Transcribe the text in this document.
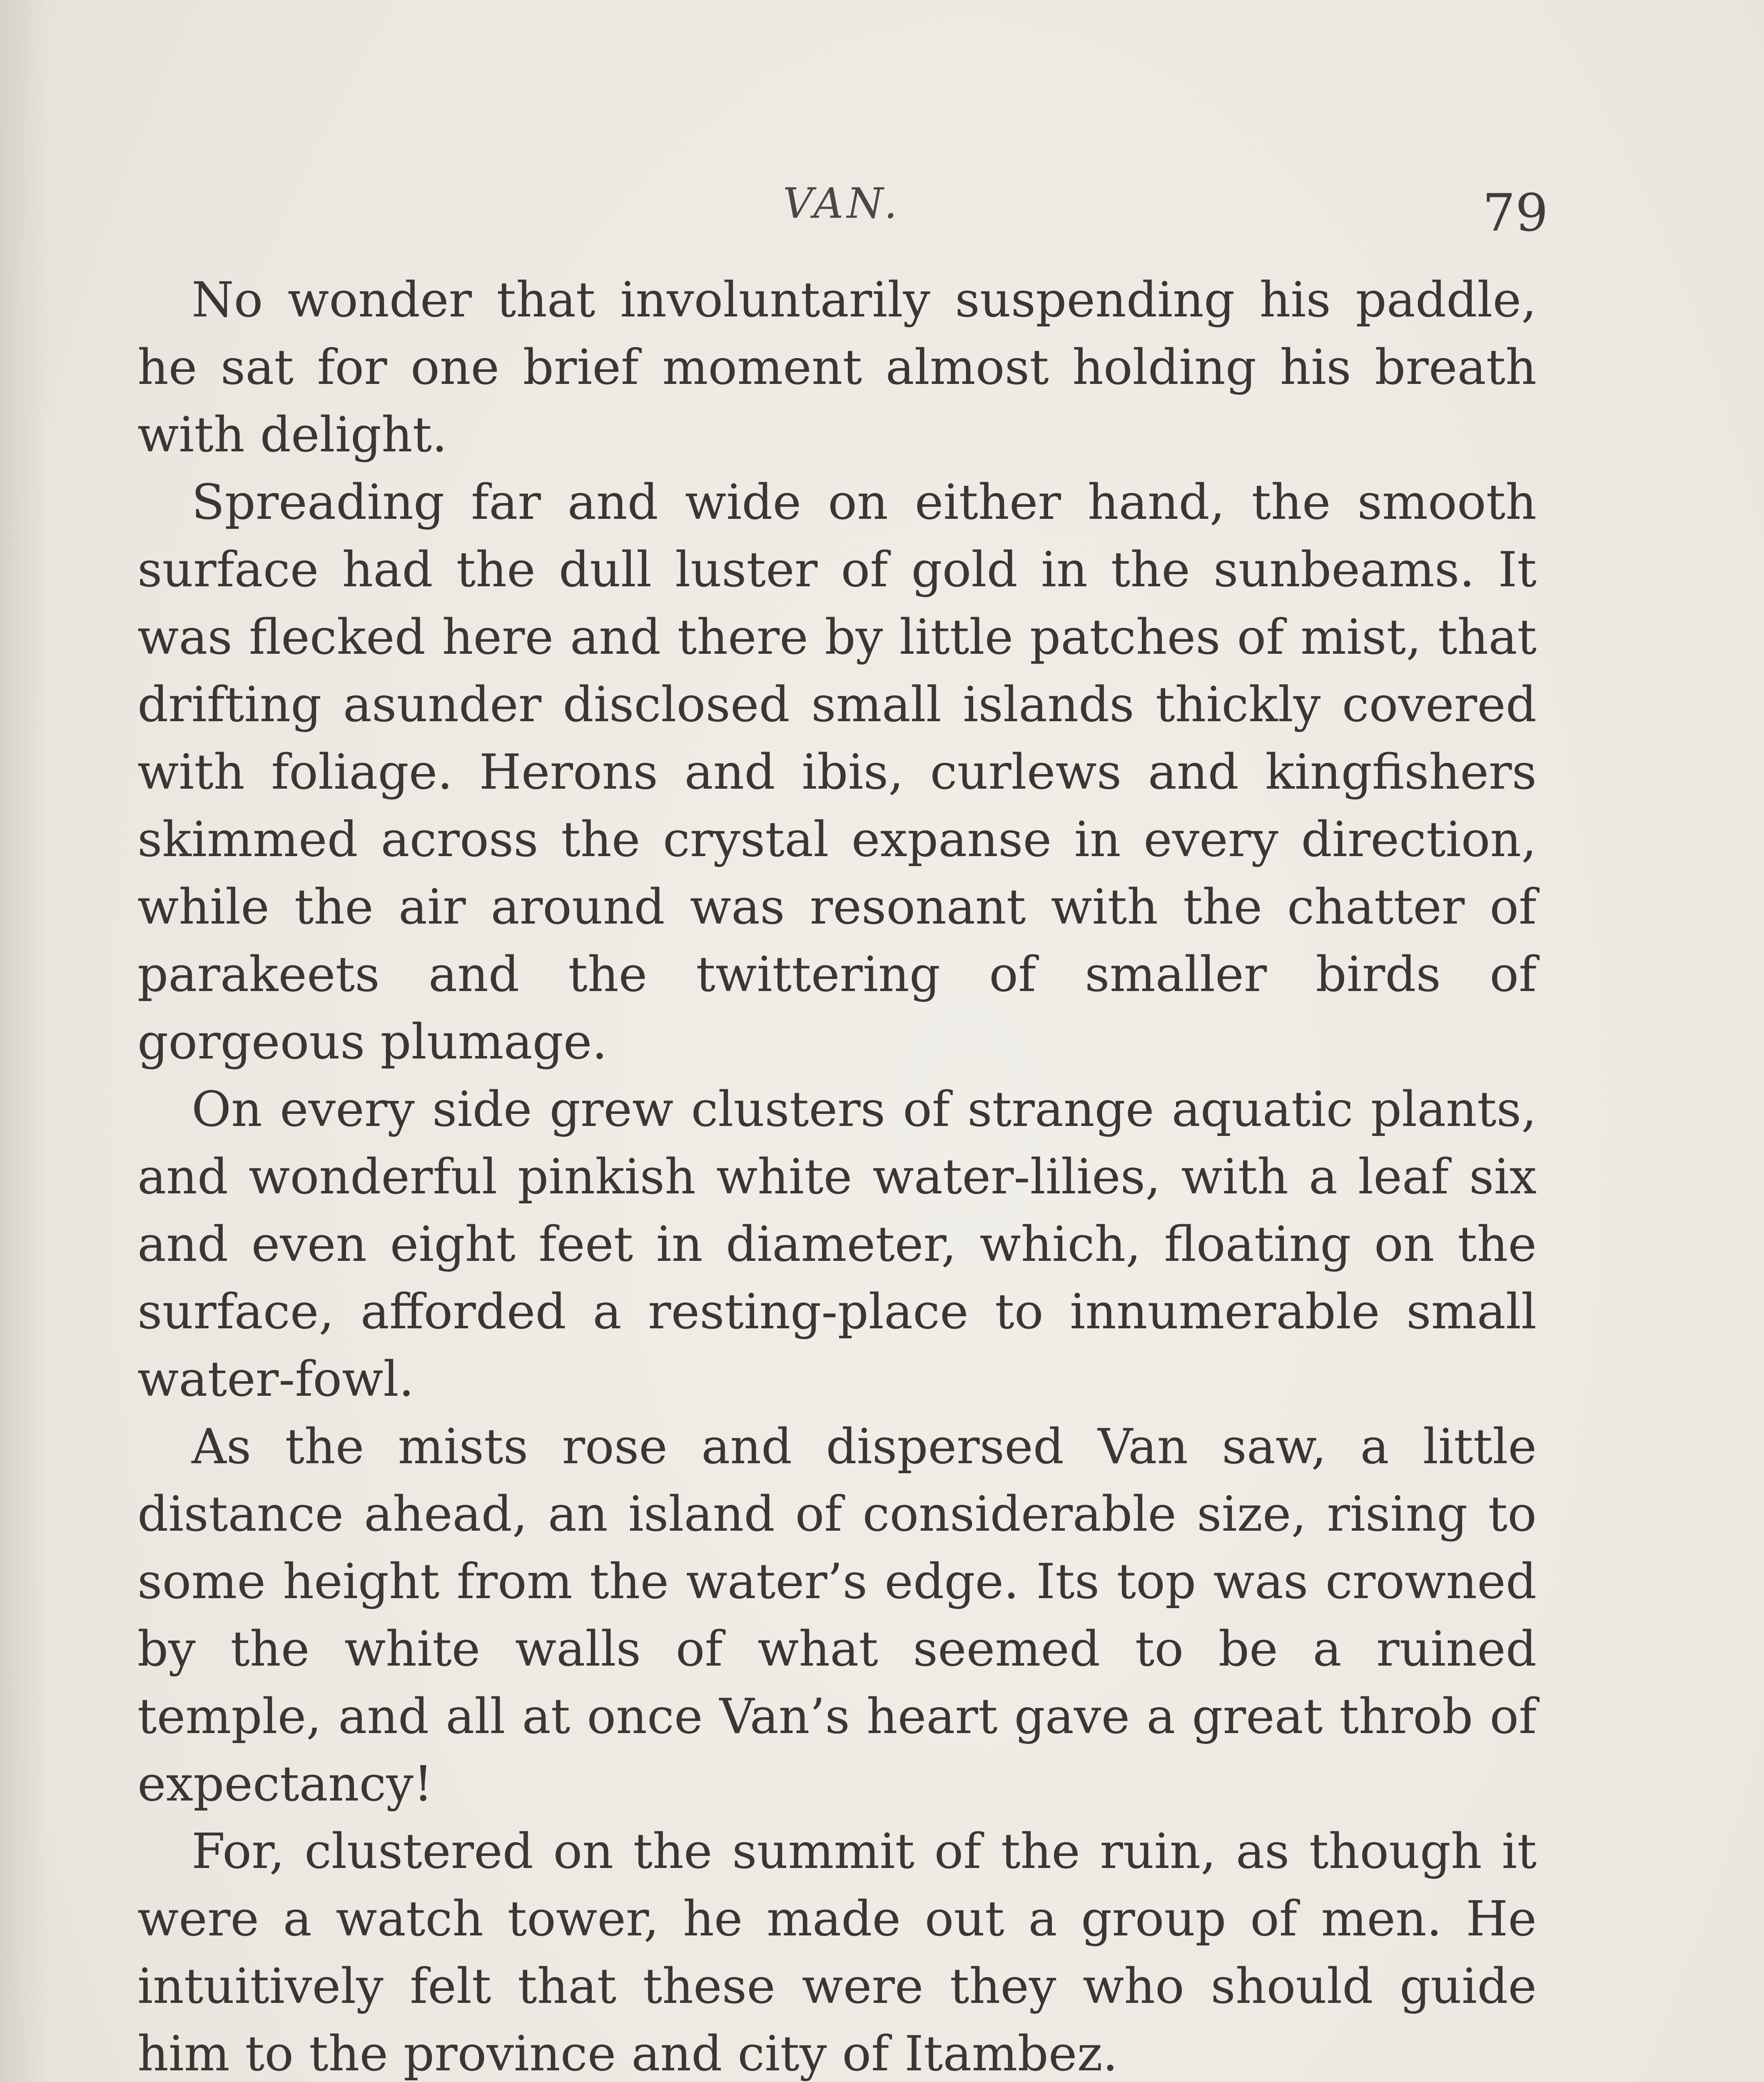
VAN.	79

No wonder that involuntarily suspending his paddle, he sat for one brief moment almost holding his breath with delight.

Spreading far and wide on either hand, the smooth surface had the dull luster of gold in the sunbeams. It was flecked here and there by little patches of mist, that drifting asunder disclosed small islands thickly covered with foliage. Herons and ibis, curlews and kingfishers skimmed across the crystal expanse in every direction, while the air around was resonant with the chatter of parakeets and the twittering of smaller birds of gorgeous plumage.

On every side grew clusters of strange aquatic plants, and wonderful pinkish white water-lilies, with a leaf six and even eight feet in diameter, which, floating on the surface, afforded a resting-place to innumerable small water-fowl.

As the mists rose and dispersed Van saw, a little distance ahead, an island of considerable size, rising to some height from the water’s edge. Its top was crowned by the white walls of what seemed to be a ruined temple, and all at once Van’s heart gave a great throb of expectancy!

For, clustered on the summit of the ruin, as though it were a watch tower, he made out a group of men. He intuitively felt that these were they who should guide him to the province and city of Itambez.
